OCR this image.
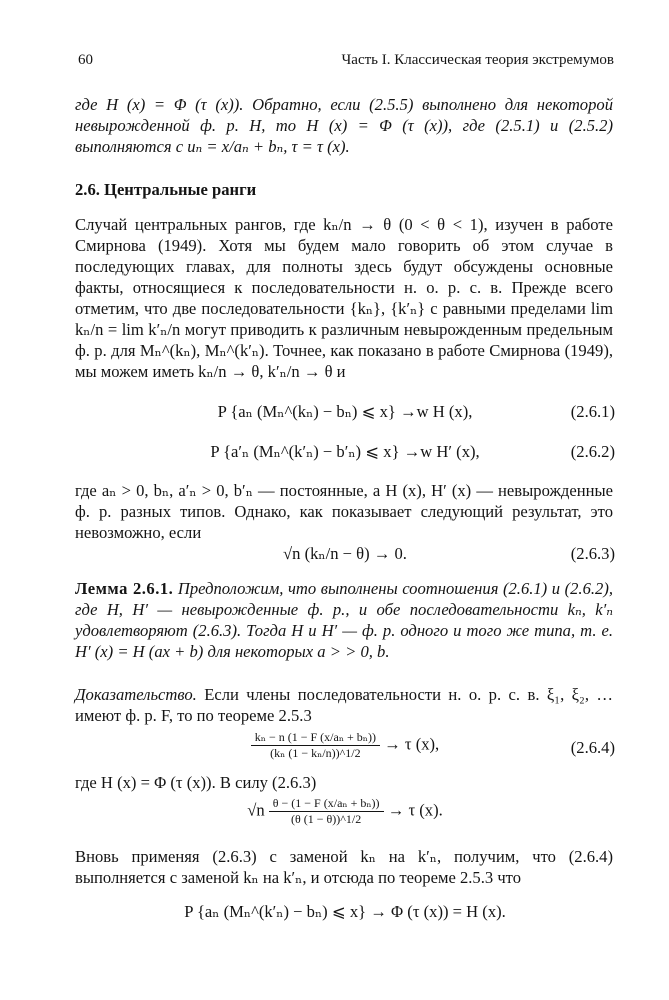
60	Часть I. Классическая теория экстремумов

где H (x) = Φ (τ (x)). Обратно, если (2.5.5) выполнено для некоторой невырожденной ф. р. H, то H (x) = Φ (τ (x)), где (2.5.1) и (2.5.2) выполняются с uₙ = x/aₙ + bₙ, τ = τ (x).

2.6. Центральные ранги

Случай центральных рангов, где kₙ/n → θ (0 < θ < 1), изучен в работе Смирнова (1949). Хотя мы будем мало говорить об этом случае в последующих главах, для полноты здесь будут обсуждены основные факты, относящиеся к последовательности н. о. р. с. в. Прежде всего отметим, что две последовательности {kₙ}, {k′ₙ} с равными пределами lim kₙ/n = lim k′ₙ/n могут приводить к различным невырожденным предельным ф. р. для Mₙ^(kₙ), Mₙ^(k′ₙ). Точнее, как показано в работе Смирнова (1949), мы можем иметь kₙ/n → θ, k′ₙ/n → θ и

P {aₙ (Mₙ^(kₙ) − bₙ) ⩽ x} →w H (x),	(2.6.1)
P {a′ₙ (Mₙ^(k′ₙ) − b′ₙ) ⩽ x} →w H′ (x),	(2.6.2)

где aₙ > 0, bₙ, a′ₙ > 0, b′ₙ — постоянные, а H (x), H′ (x) — невырожденные ф. р. разных типов. Однако, как показывает следующий результат, это невозможно, если

√n (kₙ/n − θ) → 0.	(2.6.3)

Лемма 2.6.1. Предположим, что выполнены соотношения (2.6.1) и (2.6.2), где H, H′ — невырожденные ф. р., и обе последовательности kₙ, k′ₙ удовлетворяют (2.6.3). Тогда H и H′ — ф. р. одного и того же типа, т. е. H′ (x) = H (ax + b) для некоторых a > > 0, b.

Доказательство. Если члены последовательности н. о. р. с. в. ξ₁, ξ₂, … имеют ф. р. F, то по теореме 2.5.3

$\frac{\text{kₙ − n (1 − F (x/aₙ + bₙ))}}{\text{(kₙ (1 − kₙ/n))\textasciicircum{}1/2}} \to \tau$ (x),	(2.6.4)

где H (x) = Φ (τ (x)). В силу (2.6.3)

$√n \frac{\text{θ − (1 − F (x/aₙ + bₙ))}}{(\theta (1 - \theta))\^{}1/2} \to \tau$ (x).

Вновь применяя (2.6.3) с заменой kₙ на k′ₙ, получим, что (2.6.4) выполняется с заменой kₙ на k′ₙ, и отсюда по теореме 2.5.3 что

P {aₙ (Mₙ^(k′ₙ) − bₙ) ⩽ x} → Φ (τ (x)) = H (x).
